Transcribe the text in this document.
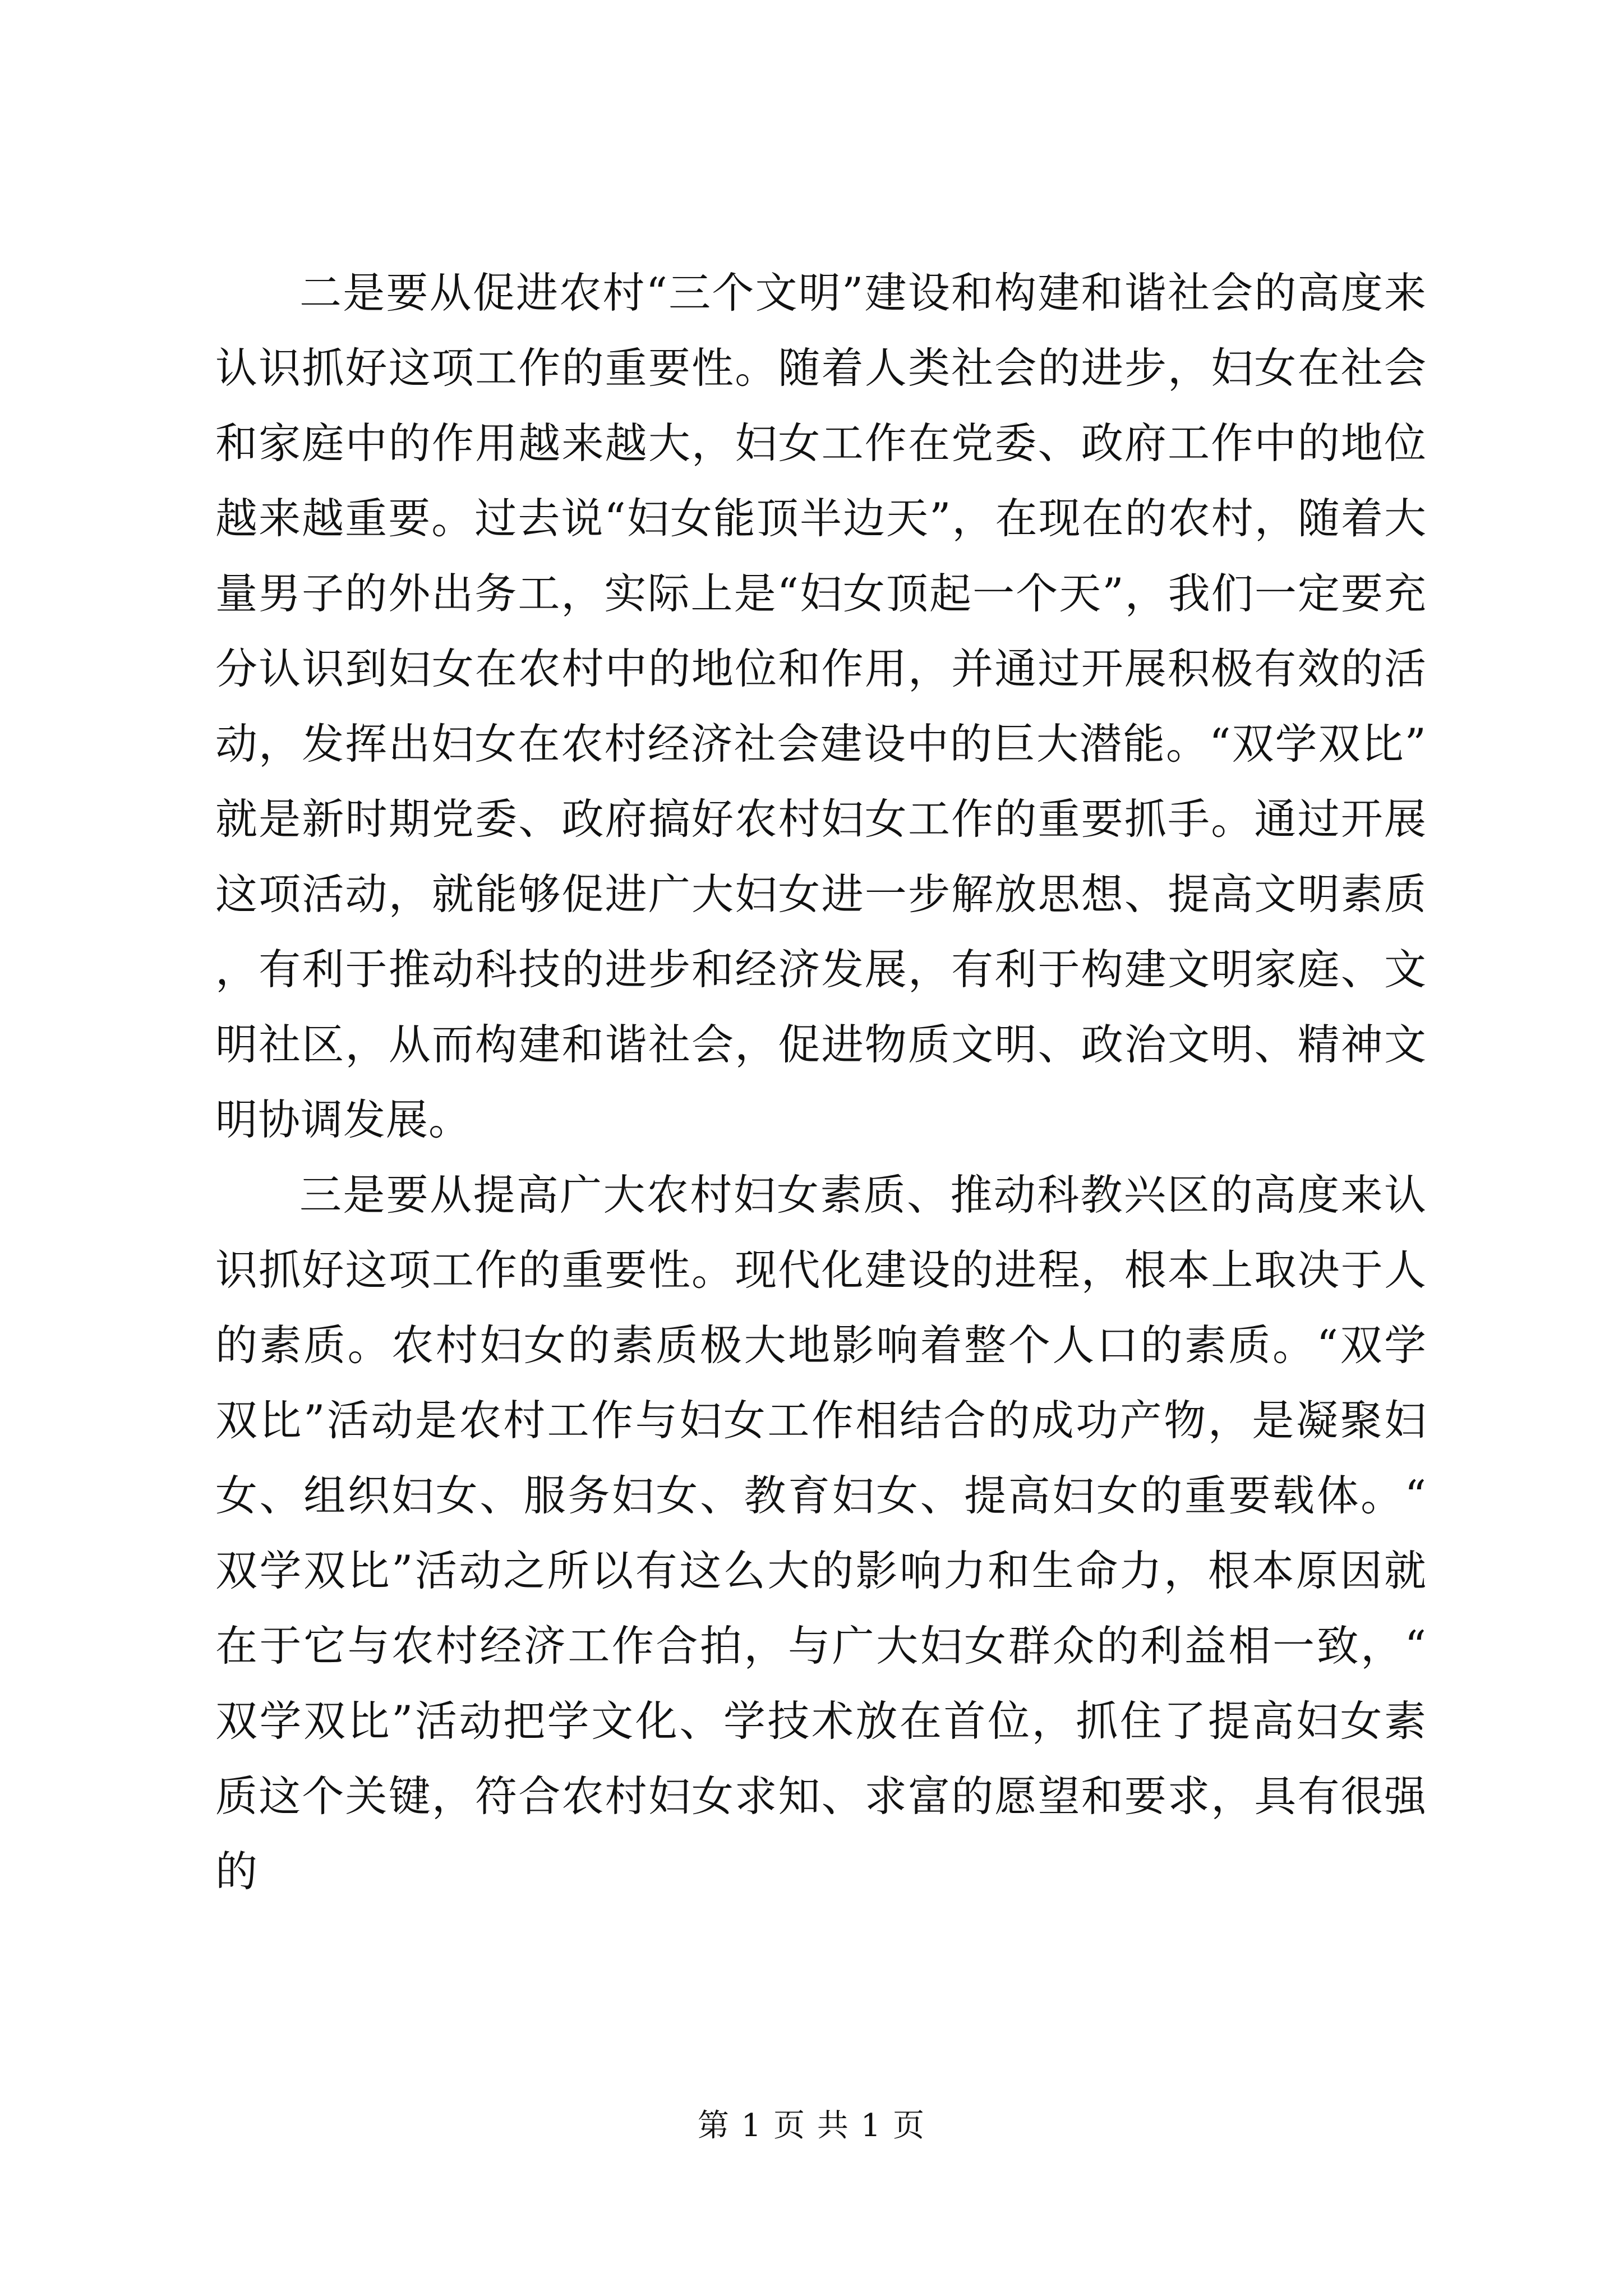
二是要从促进农村“三个文明”建设和构建和谐社会的高度来认识抓好这项工作的重要性。随着人类社会的进步，妇女在社会和家庭中的作用越来越大，妇女工作在党委、政府工作中的地位越来越重要。过去说“妇女能顶半边天”，在现在的农村，随着大量男子的外出务工，实际上是“妇女顶起一个天”，我们一定要充分认识到妇女在农村中的地位和作用，并通过开展积极有效的活动，发挥出妇女在农村经济社会建设中的巨大潜能。“双学双比”就是新时期党委、政府搞好农村妇女工作的重要抓手。通过开展这项活动，就能够促进广大妇女进一步解放思想、提高文明素质，有利于推动科技的进步和经济发展，有利于构建文明家庭、文明社区，从而构建和谐社会，促进物质文明、政治文明、精神文明协调发展。

三是要从提高广大农村妇女素质、推动科教兴区的高度来认识抓好这项工作的重要性。现代化建设的进程，根本上取决于人的素质。农村妇女的素质极大地影响着整个人口的素质。“双学双比”活动是农村工作与妇女工作相结合的成功产物，是凝聚妇女、组织妇女、服务妇女、教育妇女、提高妇女的重要载体。“双学双比”活动之所以有这么大的影响力和生命力，根本原因就在于它与农村经济工作合拍，与广大妇女群众的利益相一致，“双学双比”活动把学文化、学技术放在首位，抓住了提高妇女素质这个关键，符合农村妇女求知、求富的愿望和要求，具有很强的

第 1 页 共 1 页
